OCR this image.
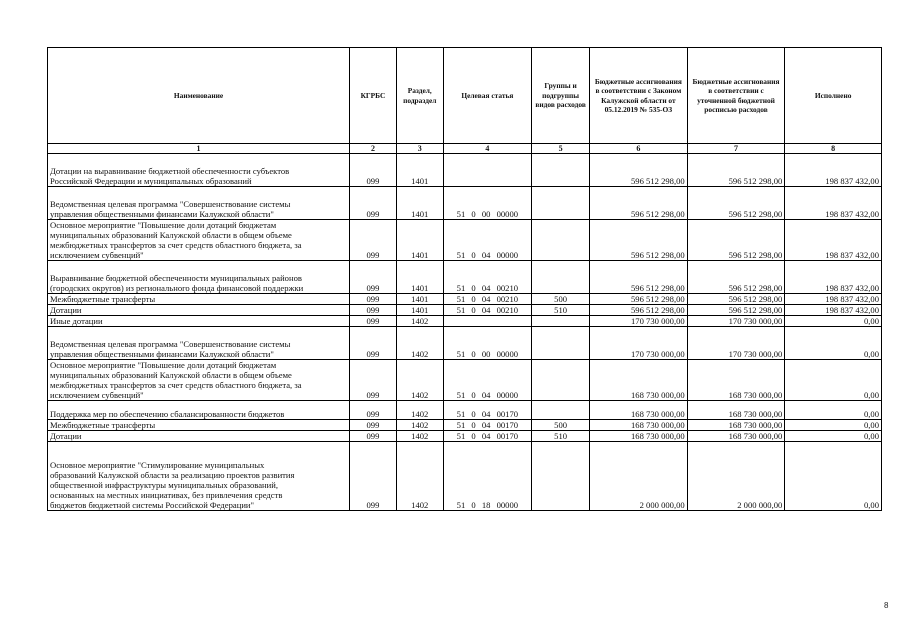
Наименование	КГРБС	Раздел, подраздел	Целевая статья	Группы и подгруппы видов расходов	Бюджетные ассигнования в соответствии с Законом Калужской области от 05.12.2019 № 535-ОЗ	Бюджетные ассигнования в соответствии с уточненной бюджетной росписью расходов	Исполнено
1	2	3	4	5	6	7	8
Дотации на выравнивание бюджетной обеспеченности субъектов
Российской Федерации и муниципальных образований	099	1401			596 512 298,00	596 512 298,00	198 837 432,00
Ведомственная целевая программа "Совершенствование системы
управления общественными финансами Калужской области"	099	1401	51 0 00 00000		596 512 298,00	596 512 298,00	198 837 432,00
Основное мероприятие "Повышение доли дотаций бюджетам
муниципальных образований Калужской области в общем объеме
межбюджетных трансфертов за счет средств областного бюджета, за
исключением субвенций"	099	1401	51 0 04 00000		596 512 298,00	596 512 298,00	198 837 432,00
Выравнивание бюджетной обеспеченности муниципальных районов
(городских округов) из регионального фонда финансовой поддержки	099	1401	51 0 04 00210		596 512 298,00	596 512 298,00	198 837 432,00
Межбюджетные трансферты	099	1401	51 0 04 00210	500	596 512 298,00	596 512 298,00	198 837 432,00
Дотации	099	1401	51 0 04 00210	510	596 512 298,00	596 512 298,00	198 837 432,00
Иные дотации	099	1402			170 730 000,00	170 730 000,00	0,00
Ведомственная целевая программа "Совершенствование системы
управления общественными финансами Калужской области"	099	1402	51 0 00 00000		170 730 000,00	170 730 000,00	0,00
Основное мероприятие "Повышение доли дотаций бюджетам
муниципальных образований Калужской области в общем объеме
межбюджетных трансфертов за счет средств областного бюджета, за
исключением субвенций"	099	1402	51 0 04 00000		168 730 000,00	168 730 000,00	0,00
Поддержка мер по обеспечению сбалансированности бюджетов	099	1402	51 0 04 00170		168 730 000,00	168 730 000,00	0,00
Межбюджетные трансферты	099	1402	51 0 04 00170	500	168 730 000,00	168 730 000,00	0,00
Дотации	099	1402	51 0 04 00170	510	168 730 000,00	168 730 000,00	0,00
Основное мероприятие "Стимулирование муниципальных
образований Калужской области за реализацию проектов развития
общественной инфраструктуры муниципальных образований,
основанных на местных инициативах, без привлечения средств
бюджетов бюджетной системы Российской Федерации"	099	1402	51 0 18 00000		2 000 000,00	2 000 000,00	0,00
8
